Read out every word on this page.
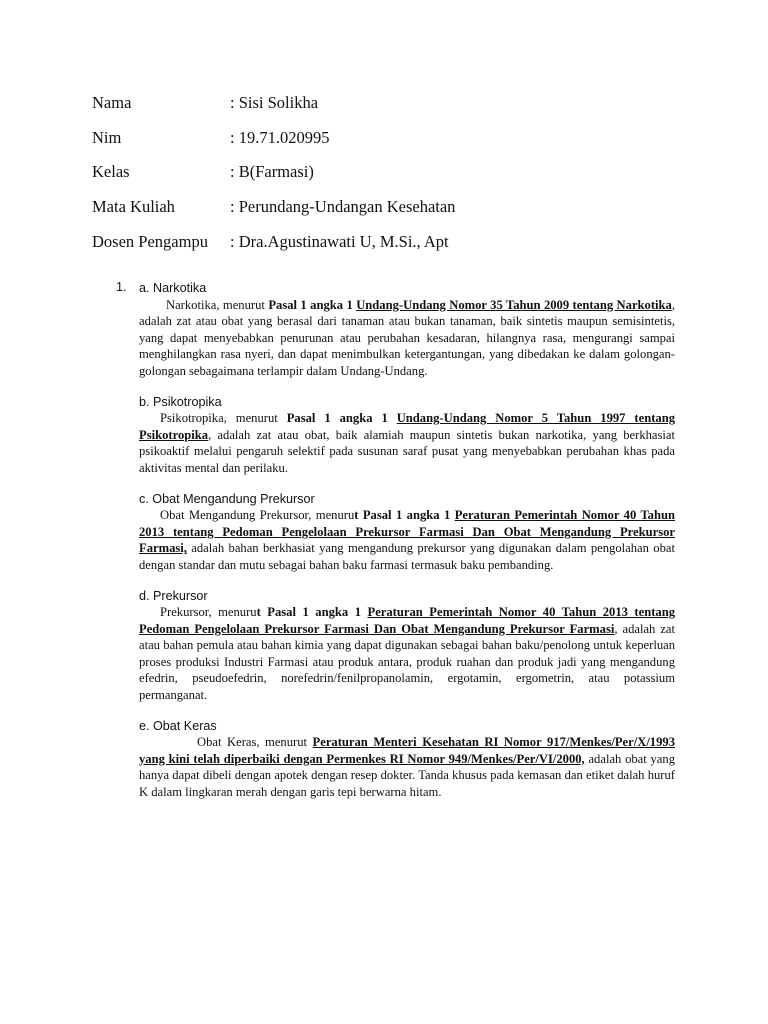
Nama	: Sisi Solikha
Nim	: 19.71.020995
Kelas	: B(Farmasi)
Mata Kuliah	: Perundang-Undangan Kesehatan
Dosen Pengampu	: Dra.Agustinawati U, M.Si., Apt
1. a. Narkotika

Narkotika, menurut Pasal 1 angka 1 Undang-Undang Nomor 35 Tahun 2009 tentang Narkotika, adalah zat atau obat yang berasal dari tanaman atau bukan tanaman, baik sintetis maupun semisintetis, yang dapat menyebabkan penurunan atau perubahan kesadaran, hilangnya rasa, mengurangi sampai menghilangkan rasa nyeri, dan dapat menimbulkan ketergantungan, yang dibedakan ke dalam golongan-golongan sebagaimana terlampir dalam Undang-Undang.

b. Psikotropika

Psikotropika, menurut Pasal 1 angka 1 Undang-Undang Nomor 5 Tahun 1997 tentang Psikotropika, adalah zat atau obat, baik alamiah maupun sintetis bukan narkotika, yang berkhasiat psikoaktif melalui pengaruh selektif pada susunan saraf pusat yang menyebabkan perubahan khas pada aktivitas mental dan perilaku.

c. Obat Mengandung Prekursor

Obat Mengandung Prekursor, menurut Pasal 1 angka 1 Peraturan Pemerintah Nomor 40 Tahun 2013 tentang Pedoman Pengelolaan Prekursor Farmasi Dan Obat Mengandung Prekursor Farmasi, adalah bahan berkhasiat yang mengandung prekursor yang digunakan dalam pengolahan obat dengan standar dan mutu sebagai bahan baku farmasi termasuk baku pembanding.

d. Prekursor

Prekursor, menurut Pasal 1 angka 1 Peraturan Pemerintah Nomor 40 Tahun 2013 tentang Pedoman Pengelolaan Prekursor Farmasi Dan Obat Mengandung Prekursor Farmasi, adalah zat atau bahan pemula atau bahan kimia yang dapat digunakan sebagai bahan baku/penolong untuk keperluan proses produksi Industri Farmasi atau produk antara, produk ruahan dan produk jadi yang mengandung efedrin, pseudoefedrin, norefedrin/fenilpropanolamin, ergotamin, ergometrin, atau potassium permanganat.

e. Obat Keras

Obat Keras, menurut Peraturan Menteri Kesehatan RI Nomor 917/Menkes/Per/X/1993 yang kini telah diperbaiki dengan Permenkes RI Nomor 949/Menkes/Per/VI/2000, adalah obat yang hanya dapat dibeli dengan apotek dengan resep dokter. Tanda khusus pada kemasan dan etiket dalah huruf K dalam lingkaran merah dengan garis tepi berwarna hitam.
